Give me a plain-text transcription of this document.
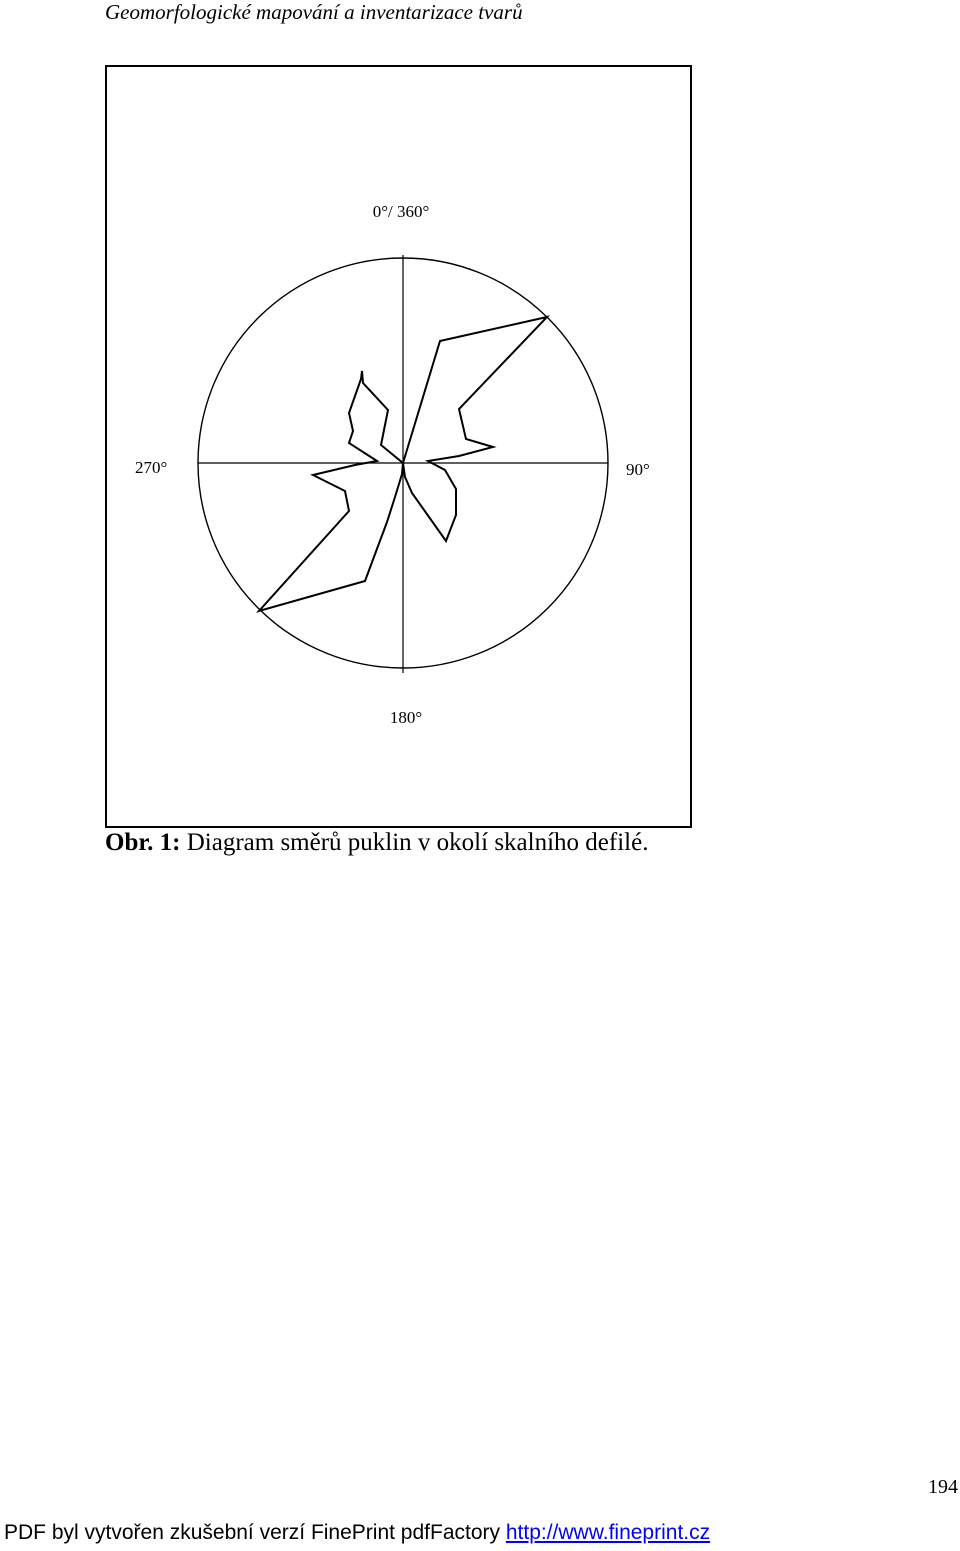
Geomorfologické mapování a inventarizace tvarů
0°/ 360°
90°
180°
270°
Obr. 1: Diagram směrů puklin v okolí skalního defilé.
194
PDF byl vytvořen zkušební verzí FinePrint pdfFactory http://www.fineprint.cz
